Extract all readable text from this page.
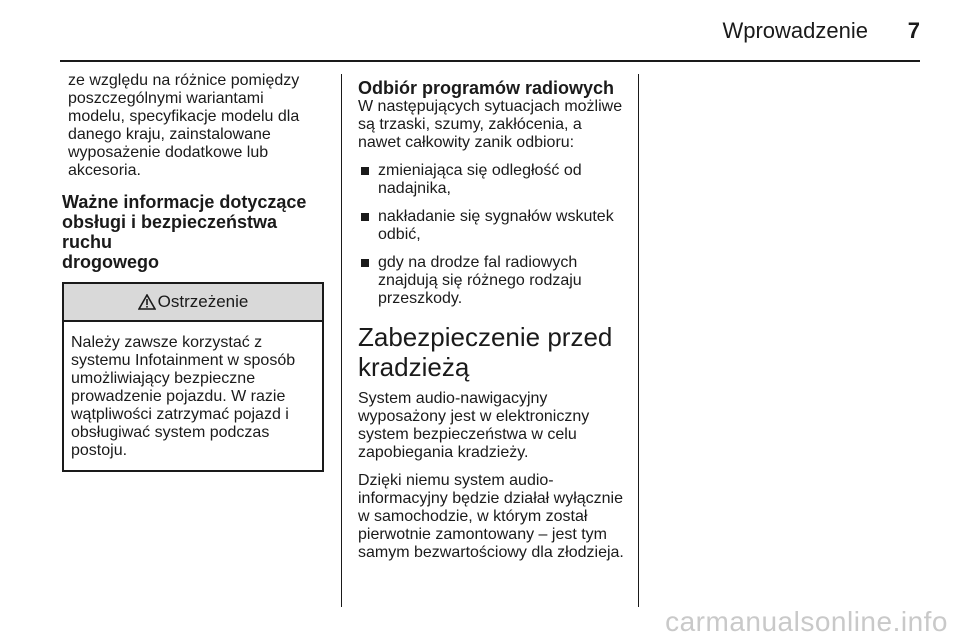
Wprowadzenie 7

ze względu na różnice pomiędzy
poszczególnymi wariantami
modelu, specyfikacje modelu dla
danego kraju, zainstalowane
wyposażenie dodatkowe lub
akcesoria.

Ważne informacje dotyczące
obsługi i bezpieczeństwa ruchu
drogowego
Ostrzeżenie
Należy zawsze korzystać z
systemu Infotainment w sposób
umożliwiający bezpieczne
prowadzenie pojazdu. W razie
wątpliwości zatrzymać pojazd i
obsługiwać system podczas
postoju.
Odbiór programów radiowych

W następujących sytuacjach możliwe
są trzaski, szumy, zakłócenia, a
nawet całkowity zanik odbioru:

zmieniająca się odległość od
nadajnika,
nakładanie się sygnałów wskutek
odbić,
gdy na drodze fal radiowych
znajdują się różnego rodzaju
przeszkody.
Zabezpieczenie przed
kradzieżą

System audio-nawigacyjny
wyposażony jest w elektroniczny
system bezpieczeństwa w celu
zapobiegania kradzieży.

Dzięki niemu system audio-
informacyjny będzie działał wyłącznie
w samochodzie, w którym został
pierwotnie zamontowany – jest tym
samym bezwartościowy dla złodzieja.

carmanualsonline.info
